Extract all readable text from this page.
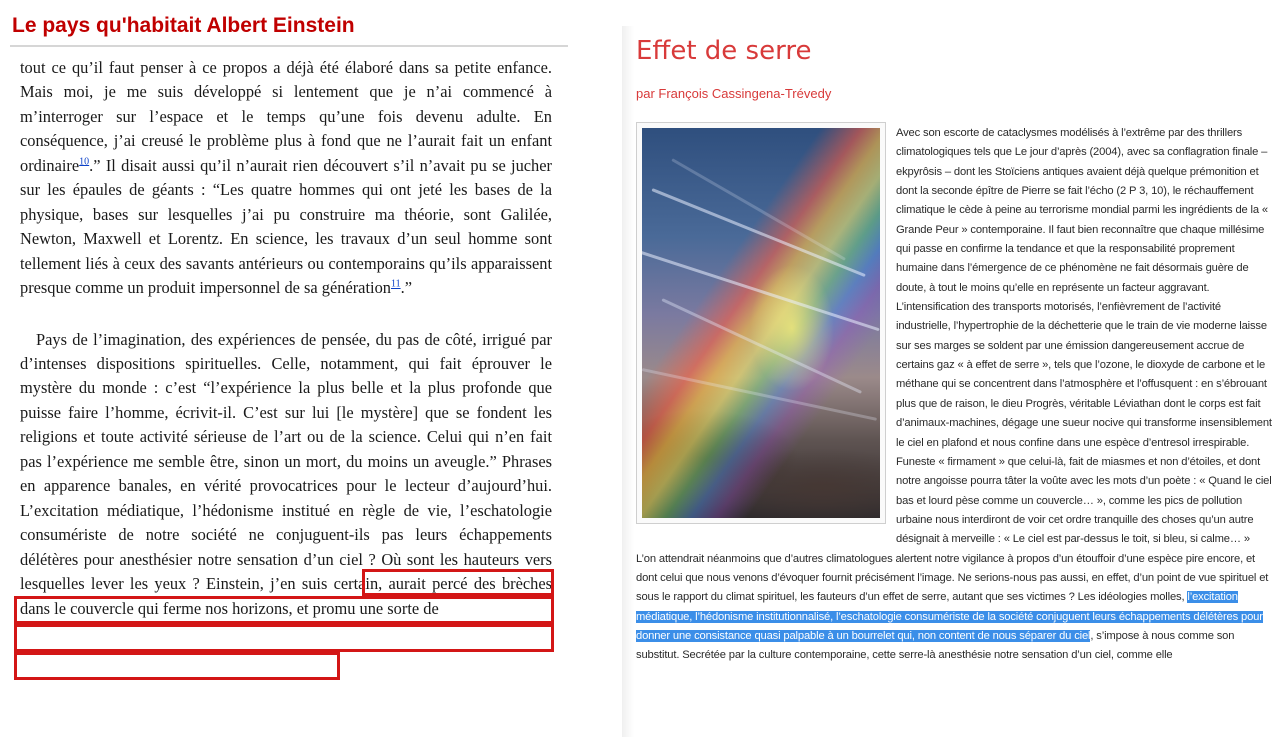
Le pays qu'habitait Albert Einstein

tout ce qu’il faut penser à ce propos a déjà été élaboré dans sa petite enfance. Mais moi, je me suis développé si lentement que je n’ai commencé à m’interroger sur l’espace et le temps qu’une fois devenu adulte. En conséquence, j’ai creusé le problème plus à fond que ne l’aurait fait un enfant ordinaire$^{10}$.” Il disait aussi qu’il n’aurait rien découvert s’il n’avait pu se jucher sur les épaules de géants : “Les quatre hommes qui ont jeté les bases de la physique, bases sur lesquelles j’ai pu construire ma théorie, sont Galilée, Newton, Maxwell et Lorentz. En science, les travaux d’un seul homme sont tellement liés à ceux des savants antérieurs ou contemporains qu’ils apparaissent presque comme un produit impersonnel de sa génération$^{11}$.”

Pays de l’imagination, des expériences de pensée, du pas de côté, irrigué par d’intenses dispositions spirituelles. Celle, notamment, qui fait éprouver le mystère du monde : c’est “l’expérience la plus belle et la plus profonde que puisse faire l’homme, écrivit-il. C’est sur lui [le mystère] que se fondent les religions et toute activité sérieuse de l’art ou de la science. Celui qui n’en fait pas l’expérience me semble être, sinon un mort, du moins un aveugle.” Phrases en apparence banales, en vérité provocatrices pour le lecteur d’aujourd’hui. L’excitation médiatique, l’hédonisme institué en règle de vie, l’eschatologie consumériste de notre société ne conjuguent-ils pas leurs échappements délétères pour anesthésier notre sensation d’un ciel ? Où sont les hauteurs vers lesquelles lever les yeux ? Einstein, j’en suis certain, aurait percé des brèches dans le couvercle qui ferme nos horizons, et promu une sorte de

Effet de serre
par François Cassingena-Trévedy

Avec son escorte de cataclysmes modélisés à l’extrême par des thrillers climatologiques tels que Le jour d’après (2004), avec sa conflagration finale – ekpyrôsis – dont les Stoïciens antiques avaient déjà quelque prémonition et dont la seconde épître de Pierre se fait l’écho (2 P 3, 10), le réchauffement climatique le cède à peine au terrorisme mondial parmi les ingrédients de la « Grande Peur » contemporaine. Il faut bien reconnaître que chaque millésime qui passe en confirme la tendance et que la responsabilité proprement humaine dans l’émergence de ce phénomène ne fait désormais guère de doute, à tout le moins qu’elle en représente un facteur aggravant. L’intensification des transports motorisés, l’enfièvrement de l’activité industrielle, l’hypertrophie de la déchetterie que le train de vie moderne laisse sur ses marges se soldent par une émission dangereusement accrue de certains gaz « à effet de serre », tels que l’ozone, le dioxyde de carbone et le méthane qui se concentrent dans l’atmosphère et l’offusquent : en s’ébrouant plus que de raison, le dieu Progrès, véritable Léviathan dont le corps est fait d’animaux-machines, dégage une sueur nocive qui transforme insensiblement le ciel en plafond et nous confine dans une espèce d’entresol irrespirable. Funeste « firmament » que celui-là, fait de miasmes et non d’étoiles, et dont notre angoisse pourra tâter la voûte avec les mots d’un poète : « Quand le ciel bas et lourd pèse comme un couvercle… », comme les pics de pollution urbaine nous interdiront de voir cet ordre tranquille des choses qu’un autre désignait à merveille : « Le ciel est par-dessus le toit, si bleu, si calme… »

L’on attendrait néanmoins que d’autres climatologues alertent notre vigilance à propos d’un étouffoir d’une espèce pire encore, et dont celui que nous venons d’évoquer fournit précisément l’image. Ne serions-nous pas aussi, en effet, d’un point de vue spirituel et sous le rapport du climat spirituel, les fauteurs d’un effet de serre, autant que ses victimes ? Les idéologies molles, l’excitation médiatique, l’hédonisme institutionnalisé, l’eschatologie consumériste de la société conjuguent leurs échappements délétères pour donner une consistance quasi palpable à un bourrelet qui, non content de nous séparer du ciel, s’impose à nous comme son substitut. Secrétée par la culture contemporaine, cette serre-là anesthésie notre sensation d’un ciel, comme elle
